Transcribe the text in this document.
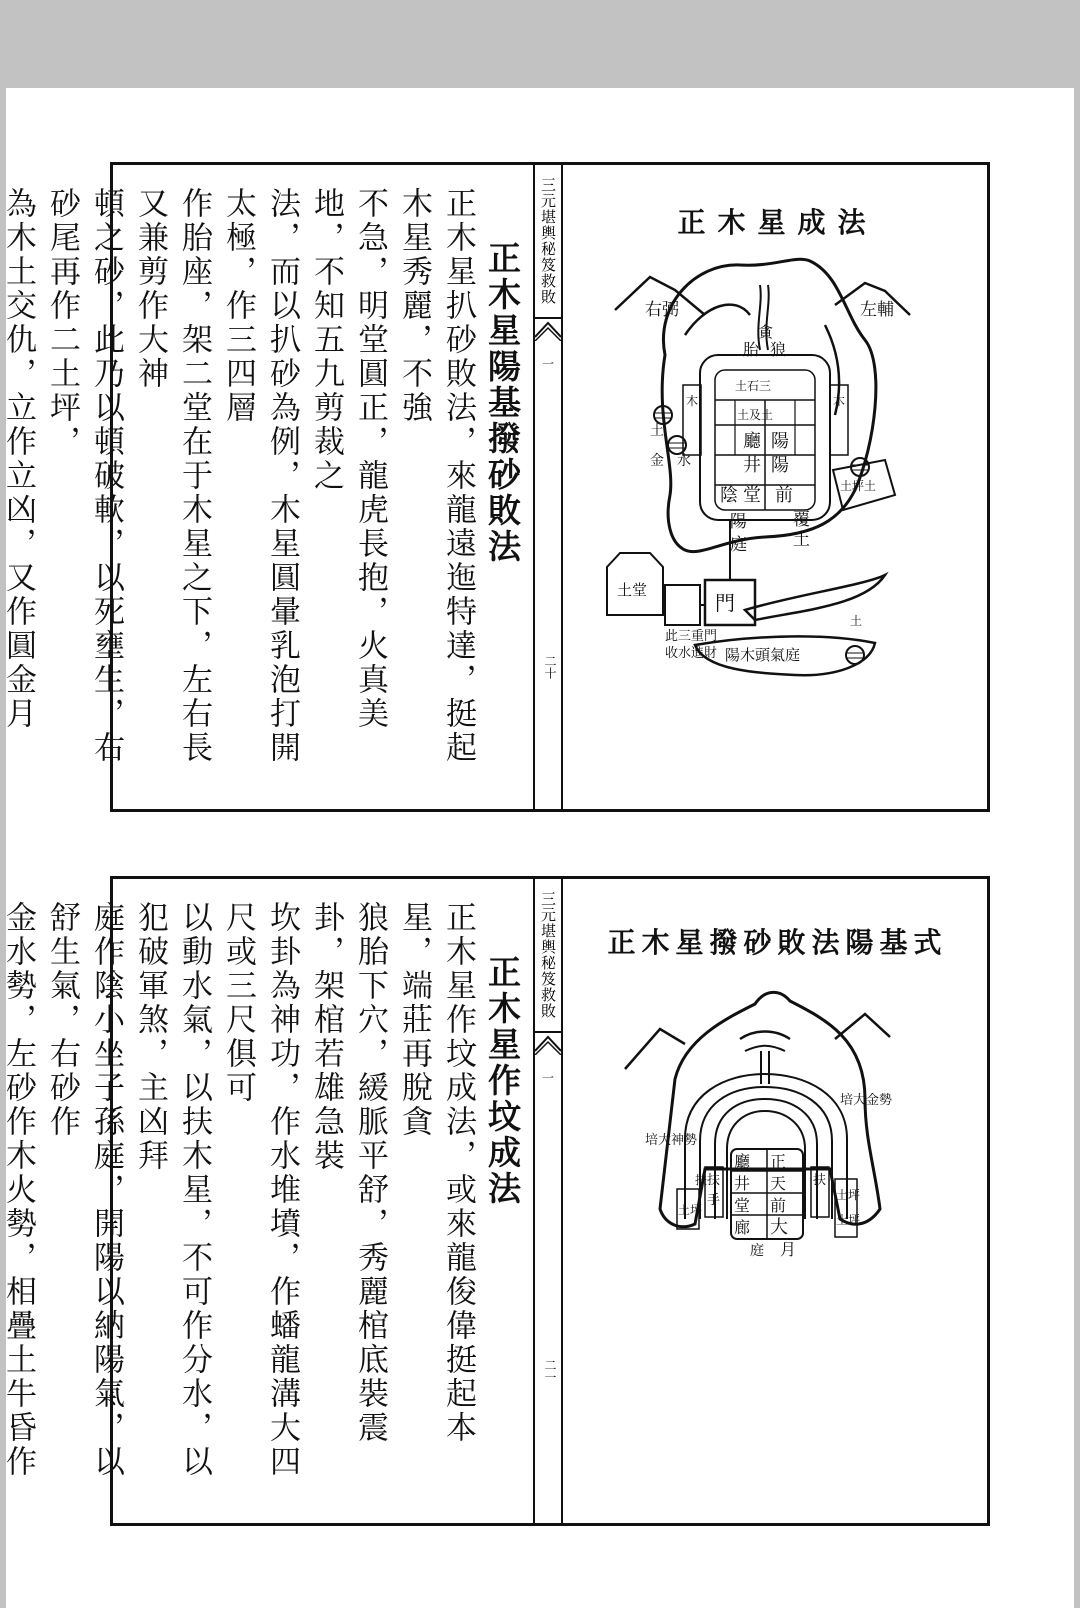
正木星陽基撥砂敗法
正木星扒砂敗法，來龍遠迤特達，挺起木星秀麗，不強
不急，明堂圓正，龍虎長抱，火真美地，不知五九剪裁之
法，而以扒砂為例，木星圓暈乳泡打開太極，作三四層
作胎座，架二堂在于木星之下，左右長又兼剪作大神
頓之砂，此乃以頓破軟，以死壅生，右砂尾再作二土坪，
為木土交仇，立作立凶，又作圓金月
三元堪輿秘笈救敗
一
二十
正木星成法
右弼	左輔
貪
胎 狼
土石三
土及土
廳 陽
井 陽
堂 前
陰
覆
土
陽
庭
木	木
土
金 水
門
土堂
土坪土
此三重門
收水進財 陽木頭氣庭
土
正木星作坟成法
正木星作坟成法，或來龍俊偉挺起本星，端莊再脫貪
狼胎下穴，緩脈平舒，秀麗棺底裝震卦，架棺若雄急裝
坎卦為神功，作水堆墳，作蟠龍溝大四尺或三尺俱可
以動水氣，以扶木星，不可作分水，以犯破軍煞，主凶拜
庭作陰小坐子孫庭，開陽以納陽氣，以舒生氣，右砂作
金水勢，左砂作木火勢，相疊土牛昏作
三元堪輿秘笈救敗
一
二一
正木星撥砂敗法陽基式
培大金勢
培大神勢
正
廳
天
井
前
堂
大
廊
月
庭
扶	扶
手
土坪
土坪
土坪
扶
